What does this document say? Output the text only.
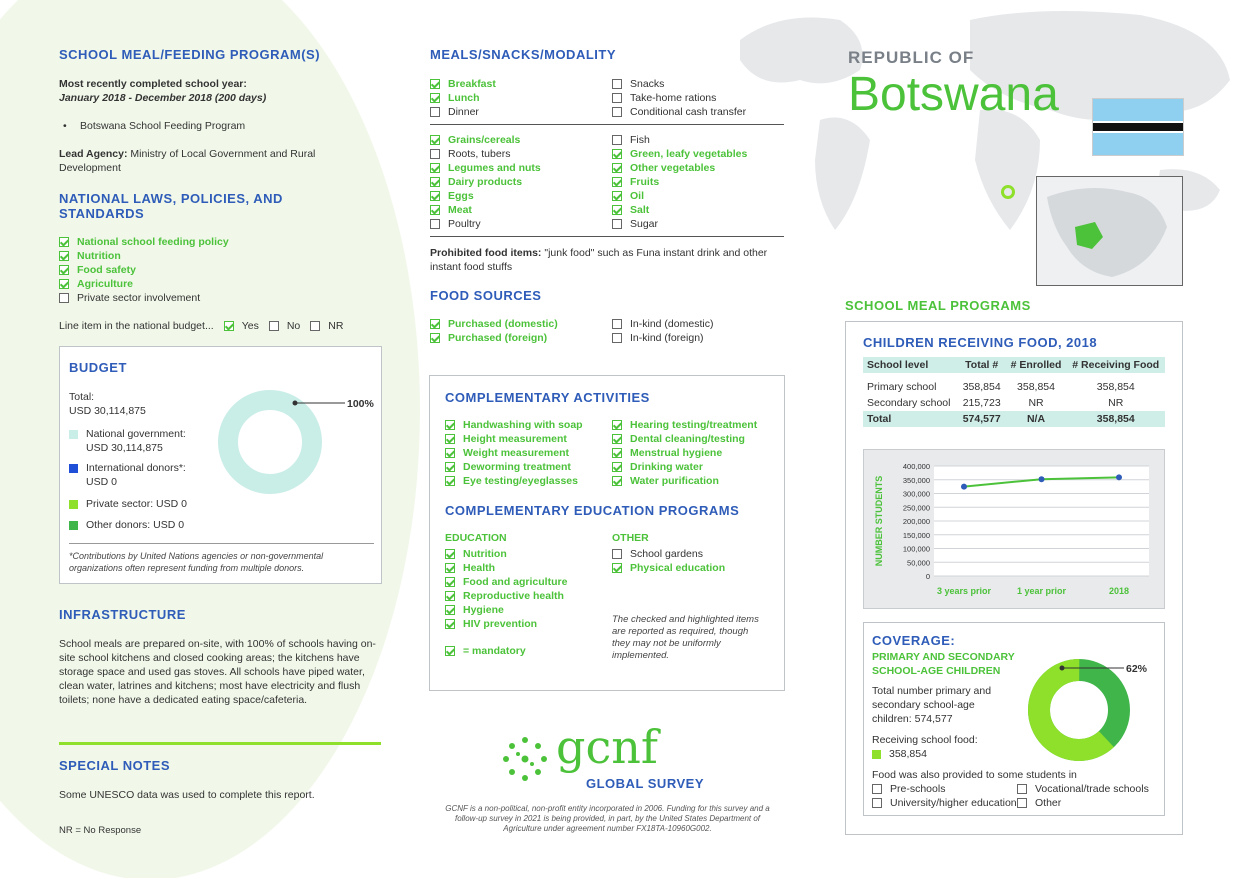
SCHOOL MEAL/FEEDING PROGRAM(S)
Most recently completed school year:
January 2018 - December 2018 (200 days)
• Botswana School Feeding Program
Lead Agency: Ministry of Local Government and Rural Development
NATIONAL LAWS, POLICIES, AND STANDARDS
National school feeding policy
Nutrition
Food safety
Agriculture
Private sector involvement
Line item in the national budget...	Yes	No	NR
BUDGET
Total:
USD 30,114,875
National government:
USD 30,114,875
International donors*:
USD 0
Private sector: USD 0
Other donors: USD 0
100%
*Contributions by United Nations agencies or non-governmental organizations often represent funding from multiple donors.
INFRASTRUCTURE
School meals are prepared on-site, with 100% of schools having on-site school kitchens and closed cooking areas; the kitchens have storage space and used gas stoves. All schools have piped water, clean water, latrines and kitchens; most have electricity and flush toilets; none have a dedicated eating space/cafeteria.
SPECIAL NOTES
Some UNESCO data was used to complete this report.
NR = No Response
MEALS/SNACKS/MODALITY
Breakfast
Lunch
Dinner
Snacks
Take-home rations
Conditional cash transfer
Grains/cereals
Roots, tubers
Legumes and nuts
Dairy products
Eggs
Meat
Poultry
Fish
Green, leafy vegetables
Other vegetables
Fruits
Oil
Salt
Sugar
Prohibited food items: "junk food" such as Funa instant drink and other instant food stuffs
FOOD SOURCES
Purchased (domestic)
Purchased (foreign)
In-kind (domestic)
In-kind (foreign)
COMPLEMENTARY ACTIVITIES
Handwashing with soap
Height measurement
Weight measurement
Deworming treatment
Eye testing/eyeglasses
Hearing testing/treatment
Dental cleaning/testing
Menstrual hygiene
Drinking water
Water purification
COMPLEMENTARY EDUCATION PROGRAMS
EDUCATION
Nutrition
Health
Food and agriculture
Reproductive health
Hygiene
HIV prevention
OTHER
School gardens
Physical education
= mandatory
The checked and highlighted items are reported as required, though they may not be uniformly implemented.
gcnf
GLOBAL SURVEY
GCNF is a non-political, non-profit entity incorporated in 2006. Funding for this survey and a follow-up survey in 2021 is being provided, in part, by the United States Department of Agriculture under agreement number FX18TA-10960G002.
REPUBLIC OF
Botswana
SCHOOL MEAL PROGRAMS
CHILDREN RECEIVING FOOD, 2018
School level	Total #	# Enrolled	# Receiving Food

Primary school	358,854	358,854	358,854
Secondary school	215,723	NR	NR
Total	574,577	N/A	358,854
0
50,000
100,000
150,000
200,000
250,000
300,000
350,000
400,000
3 years prior	1 year prior	2018
NUMBER STUDENTS
COVERAGE:
PRIMARY AND SECONDARY SCHOOL-AGE CHILDREN
Total number primary and secondary school-age children: 574,577
Receiving school food:
358,854
62%
Food was also provided to some students in
Pre-schools	Vocational/trade schools
University/higher education Other
